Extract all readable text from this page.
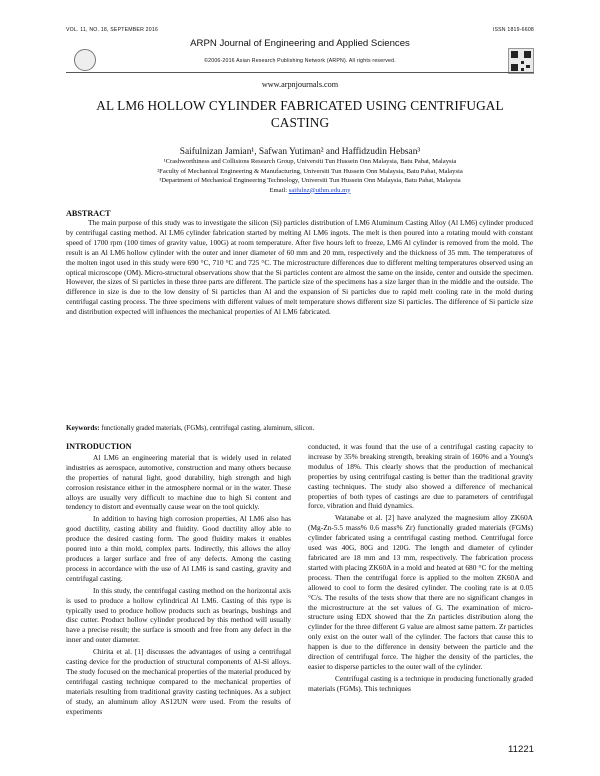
VOL. 11, NO. 18, SEPTEMBER 2016	ISSN 1819-6608
ARPN Journal of Engineering and Applied Sciences
©2006-2016 Asian Research Publishing Network (ARPN). All rights reserved.
www.arpnjournals.com
AL LM6 HOLLOW CYLINDER FABRICATED USING CENTRIFUGAL CASTING
Saifulnizan Jamian¹, Safwan Yutiman² and Haffidzudin Hebsan³
¹Crashworthiness and Collisions Research Group, Universiti Tun Hussein Onn Malaysia, Batu Pahat, Malaysia
²Faculty of Mechanical Engineering & Manufacturing, Universiti Tun Hussein Onn Malaysia, Batu Pahat, Malaysia
³Department of Mechanical Engineering Technology, Universiti Tun Hussein Onn Malaysia, Batu Pahat, Malaysia
Email: saifulnz@uthm.edu.my
ABSTRACT

The main purpose of this study was to investigate the silicon (Si) particles distribution of LM6 Aluminum Casting Alloy (Al LM6) cylinder produced by centrifugal casting method. Al LM6 cylinder fabrication started by melting Al LM6 ingots. The melt is then poured into a rotating mould with constant speed of 1700 rpm (100 times of gravity value, 100G) at room temperature. After five hours left to freeze, LM6 Al cylinder is removed from the mold. The result is an Al LM6 hollow cylinder with the outer and inner diameter of 60 mm and 20 mm, respectively and the thickness of 35 mm. The temperatures of the molten ingot used in this study were 690 °C, 710 °C and 725 °C. The microstructure differences due to different melting temperatures observed using an optical microscope (OM). Micro-structural observations show that the Si particles content are almost the same on the inside, center and outside the specimen. However, the sizes of Si particles in these three parts are different. The particle size of the specimens has a size larger than in the middle and the outside. The difference in size is due to the low density of Si particles than Al and the expansion of Si particles due to rapid melt cooling rate in the mold during centrifugal casting process. The three specimens with different values of melt temperature shows different size Si particles. The difference of Si particle size and distribution expected will influences the mechanical properties of Al LM6 fabricated.

Keywords: functionally graded materials, (FGMs), centrifugal casting, aluminum, silicon.
INTRODUCTION

Al LM6 an engineering material that is widely used in related industries as aerospace, automotive, construction and many others because the properties of natural light, good durability, high strength and high corrosion resistance either in the atmosphere normal or in the water. These alloys are usually very difficult to machine due to high Si content and tendency to distort and eventually cause wear on the tool quickly.

In addition to having high corrosion properties, Al LM6 also has good ductility, casting ability and fluidity. Good ductility alloy able to produce the desired casting form. The good fluidity makes it enables poured into a thin mold, complex parts. Indirectly, this allows the alloy produces a larger surface and free of any defects. Among the casting process in accordance with the use of Al LM6 is sand casting, gravity and centrifugal casting.

In this study, the centrifugal casting method on the horizontal axis is used to produce a hollow cylindrical Al LM6. Casting of this type is typically used to produce hollow products such as bearings, bushings and disc cutter. Product hollow cylinder produced by this method will usually have a precise result; the surface is smooth and free from any defect in the inner and outer diameter.

Chirita et al. [1] discusses the advantages of using a centrifugal casting device for the production of structural components of Al-Si alloys. The study focused on the mechanical properties of the material produced by centrifugal casting technique compared to the mechanical properties of materials resulting from traditional gravity casting techniques. As a subject of study, an aluminum alloy AS12UN were used. From the results of experiments

conducted, it was found that the use of a centrifugal casting capacity to increase by 35% breaking strength, breaking strain of 160% and a Young's modulus of 18%. This clearly shows that the production of mechanical properties by using centrifugal casting is better than the traditional gravity casting techniques. The study also showed a difference of mechanical properties of both types of castings are due to parameters of centrifugal force, vibration and fluid dynamics.

Watanabe et al. [2] have analyzed the magnesium alloy ZK60A (Mg-Zn-5.5 mass% 0.6 mass% Zr) functionally graded materials (FGMs) cylinder fabricated using a centrifugal casting method. Centrifugal force used was 40G, 80G and 120G. The length and diameter of cylinder fabricated are 18 mm and 13 mm, respectively. The fabrication process started with placing ZK60A in a mold and heated at 680 °C for the melting process. Then the centrifugal force is applied to the molten ZK60A and allowed to cool to form the desired cylinder. The cooling rate is at 0.05 °C/s. The results of the tests show that there are no significant changes in the microstructure at the set values of G. The examination of micro-structure using EDX showed that the Zn particles distribution along the cylinder for the three different G value are almost same pattern. Zr particles only exist on the outer wall of the cylinder. The factors that cause this to happen is due to the difference in density between the particle and the direction of centrifugal force. The higher the density of the particles, the easier to disperse particles to the outer wall of the cylinder.

Centrifugal casting is a technique in producing functionally graded materials (FGMs). This techniques

11221
